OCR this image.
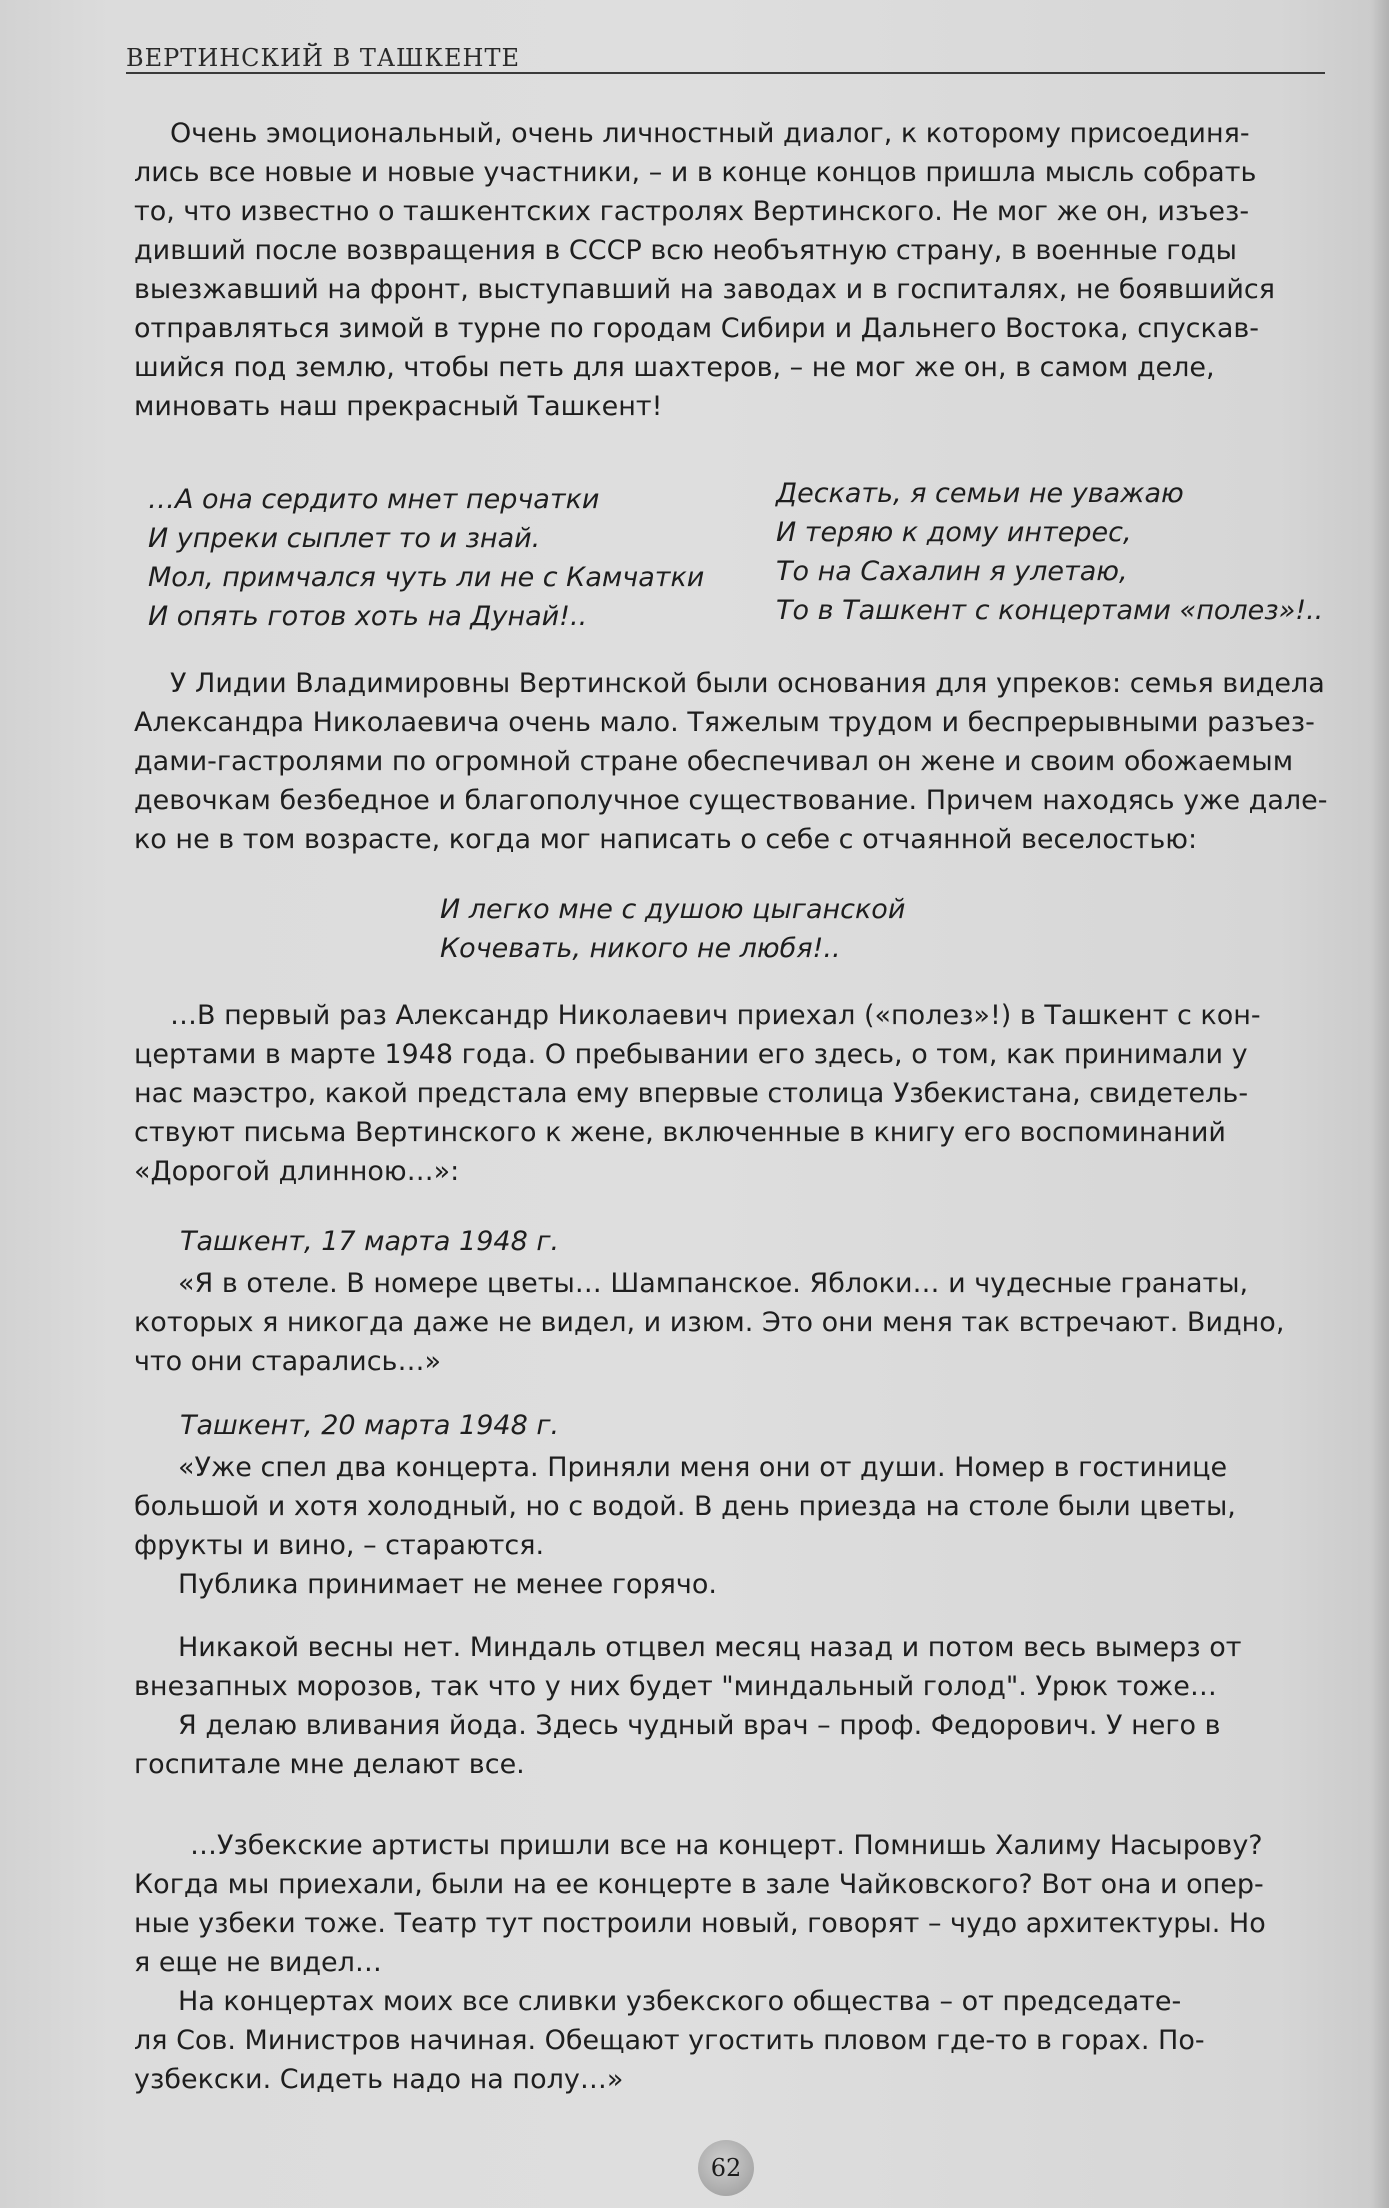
ВЕРТИНСКИЙ В ТАШКЕНТЕ
Очень эмоциональный, очень личностный диалог, к которому присоединя-
лись все новые и новые участники, – и в конце концов пришла мысль собрать
то, что известно о ташкентских гастролях Вертинского. Не мог же он, изъез-
дивший после возвращения в СССР всю необъятную страну, в военные годы
выезжавший на фронт, выступавший на заводах и в госпиталях, не боявшийся
отправляться зимой в турне по городам Сибири и Дальнего Востока, спускав-
шийся под землю, чтобы петь для шахтеров, – не мог же он, в самом деле,
миновать наш прекрасный Ташкент!
…А она сердито мнет перчатки
И упреки сыплет то и знай.
Мол, примчался чуть ли не с Камчатки
И опять готов хоть на Дунай!..
Дескать, я семьи не уважаю
И теряю к дому интерес,
То на Сахалин я улетаю,
То в Ташкент с концертами «полез»!..
У Лидии Владимировны Вертинской были основания для упреков: семья видела
Александра Николаевича очень мало. Тяжелым трудом и беспрерывными разъез-
дами-гастролями по огромной стране обеспечивал он жене и своим обожаемым
девочкам безбедное и благополучное существование. Причем находясь уже дале-
ко не в том возрасте, когда мог написать о себе с отчаянной веселостью:
И легко мне с душою цыганской
Кочевать, никого не любя!..
…В первый раз Александр Николаевич приехал («полез»!) в Ташкент с кон-
цертами в марте 1948 года. О пребывании его здесь, о том, как принимали у
нас маэстро, какой предстала ему впервые столица Узбекистана, свидетель-
ствуют письма Вертинского к жене, включенные в книгу его воспоминаний
«Дорогой длинною…»:
Ташкент, 17 марта 1948 г.
«Я в отеле. В номере цветы… Шампанское. Яблоки… и чудесные гранаты,
которых я никогда даже не видел, и изюм. Это они меня так встречают. Видно,
что они старались…»
Ташкент, 20 марта 1948 г.
«Уже спел два концерта. Приняли меня они от души. Номер в гостинице
большой и хотя холодный, но с водой. В день приезда на столе были цветы,
фрукты и вино, – стараются.
Публика принимает не менее горячо.
Никакой весны нет. Миндаль отцвел месяц назад и потом весь вымерз от
внезапных морозов, так что у них будет "миндальный голод". Урюк тоже…
Я делаю вливания йода. Здесь чудный врач – проф. Федорович. У него в
госпитале мне делают все.
…Узбекские артисты пришли все на концерт. Помнишь Халиму Насырову?
Когда мы приехали, были на ее концерте в зале Чайковского? Вот она и опер-
ные узбеки тоже. Театр тут построили новый, говорят – чудо архитектуры. Но
я еще не видел…
На концертах моих все сливки узбекского общества – от председате-
ля Сов. Министров начиная. Обещают угостить пловом где-то в горах. По-
узбекски. Сидеть надо на полу…»
62
